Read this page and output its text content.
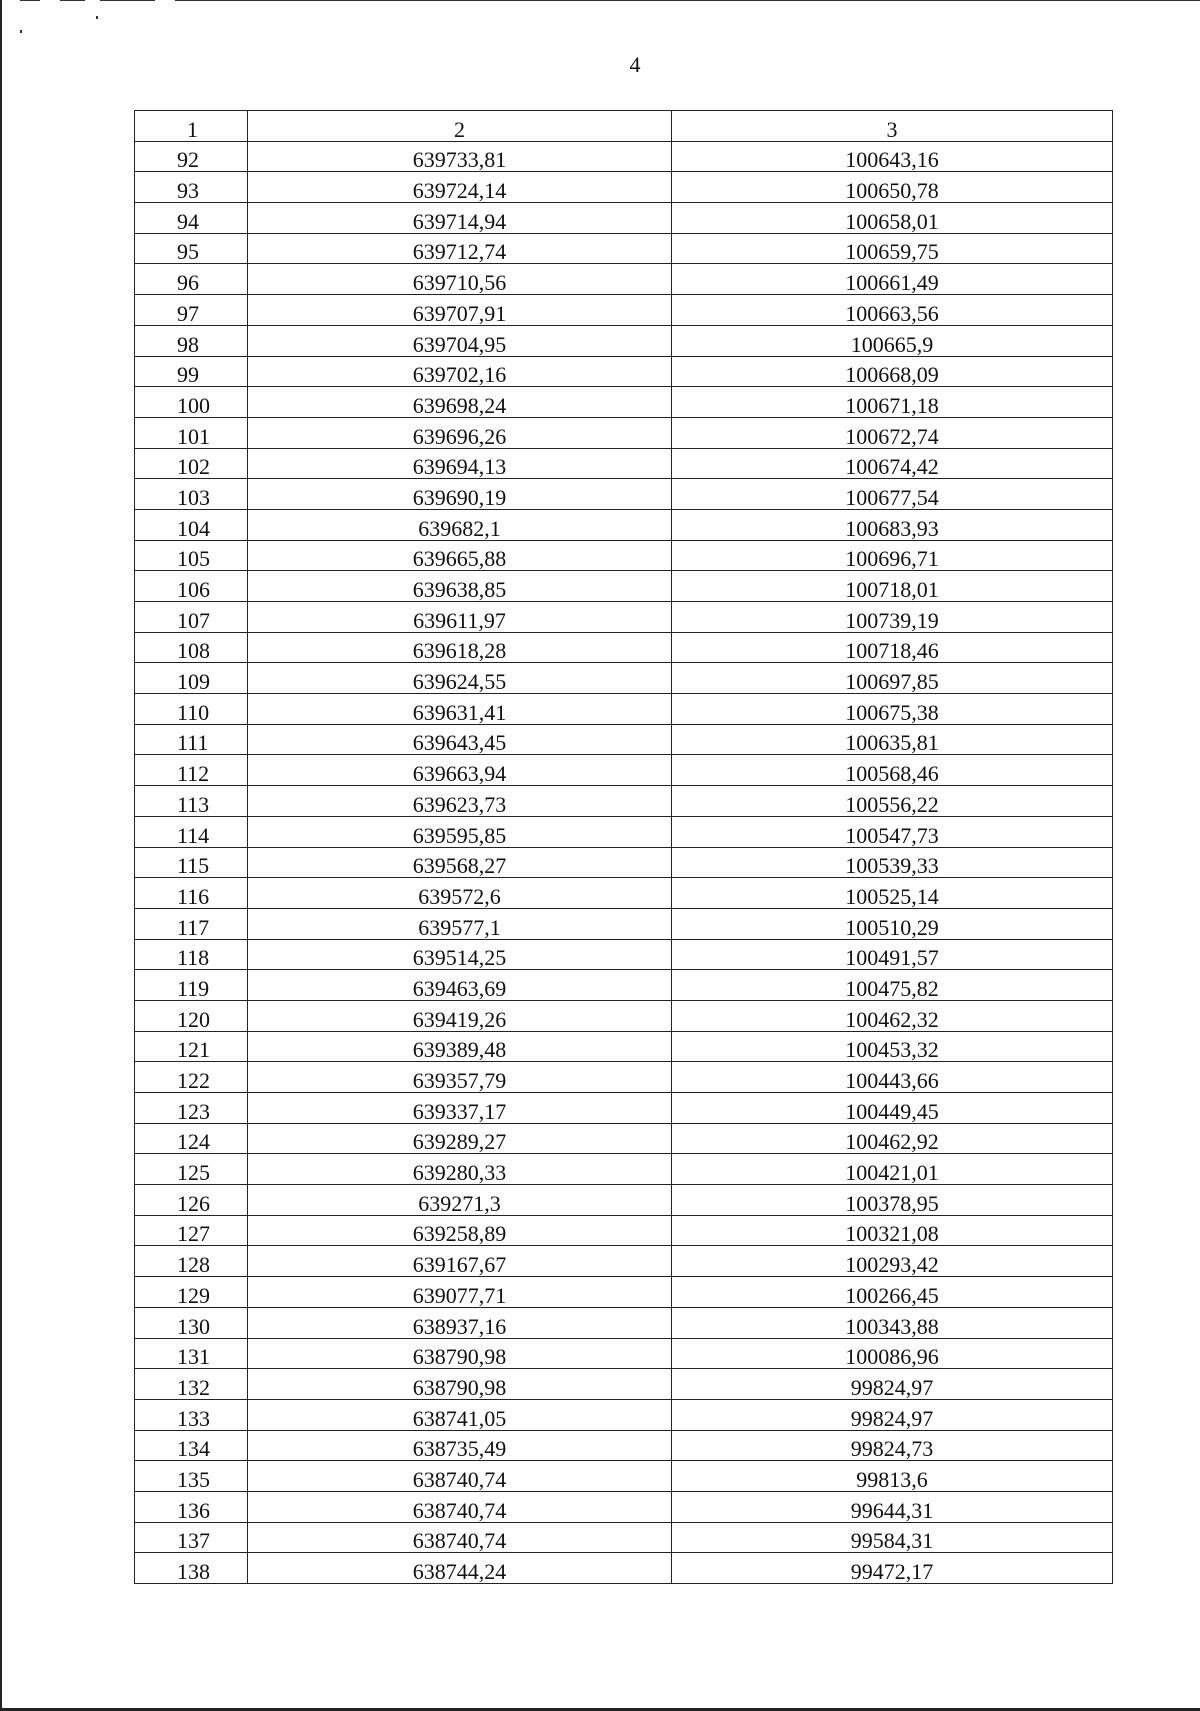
4
1	2	3
92	639733,81	100643,16
93	639724,14	100650,78
94	639714,94	100658,01
95	639712,74	100659,75
96	639710,56	100661,49
97	639707,91	100663,56
98	639704,95	100665,9
99	639702,16	100668,09
100	639698,24	100671,18
101	639696,26	100672,74
102	639694,13	100674,42
103	639690,19	100677,54
104	639682,1	100683,93
105	639665,88	100696,71
106	639638,85	100718,01
107	639611,97	100739,19
108	639618,28	100718,46
109	639624,55	100697,85
110	639631,41	100675,38
111	639643,45	100635,81
112	639663,94	100568,46
113	639623,73	100556,22
114	639595,85	100547,73
115	639568,27	100539,33
116	639572,6	100525,14
117	639577,1	100510,29
118	639514,25	100491,57
119	639463,69	100475,82
120	639419,26	100462,32
121	639389,48	100453,32
122	639357,79	100443,66
123	639337,17	100449,45
124	639289,27	100462,92
125	639280,33	100421,01
126	639271,3	100378,95
127	639258,89	100321,08
128	639167,67	100293,42
129	639077,71	100266,45
130	638937,16	100343,88
131	638790,98	100086,96
132	638790,98	99824,97
133	638741,05	99824,97
134	638735,49	99824,73
135	638740,74	99813,6
136	638740,74	99644,31
137	638740,74	99584,31
138	638744,24	99472,17
